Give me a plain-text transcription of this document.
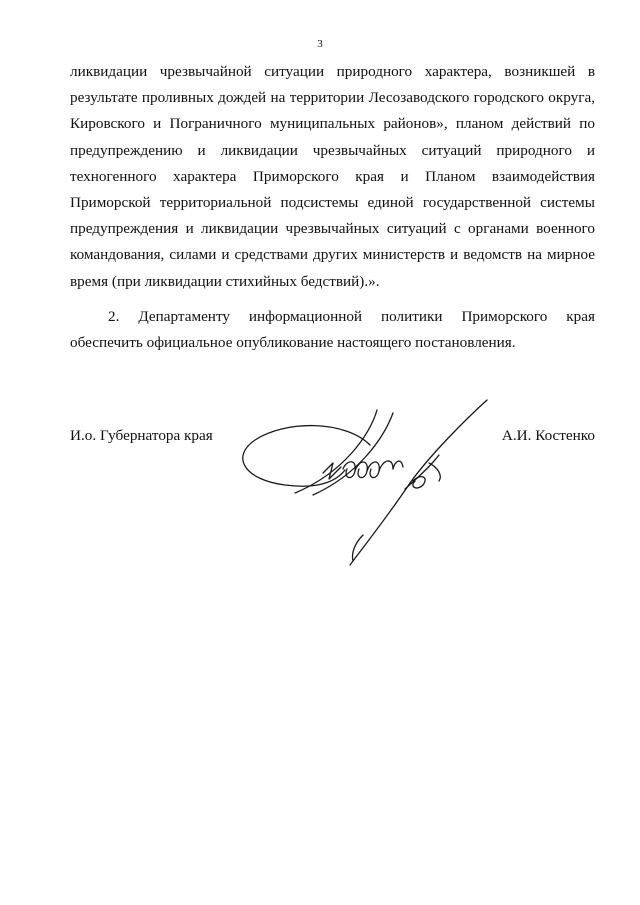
3

ликвидации чрезвычайной ситуации природного характера, возникшей в результате проливных дождей на территории Лесозаводского городского округа, Кировского и Пограничного муниципальных районов», планом действий по предупреждению и ликвидации чрезвычайных ситуаций природного и техногенного характера Приморского края и Планом взаимодействия Приморской территориальной подсистемы единой государственной системы предупреждения и ликвидации чрезвычайных ситуаций с органами военного командования, силами и средствами других министерств и ведомств на мирное время (при ликвидации стихийных бедствий).».

2. Департаменту информационной политики Приморского края обеспечить официальное опубликование настоящего постановления.

И.о. Губернатора края	А.И. Костенко
